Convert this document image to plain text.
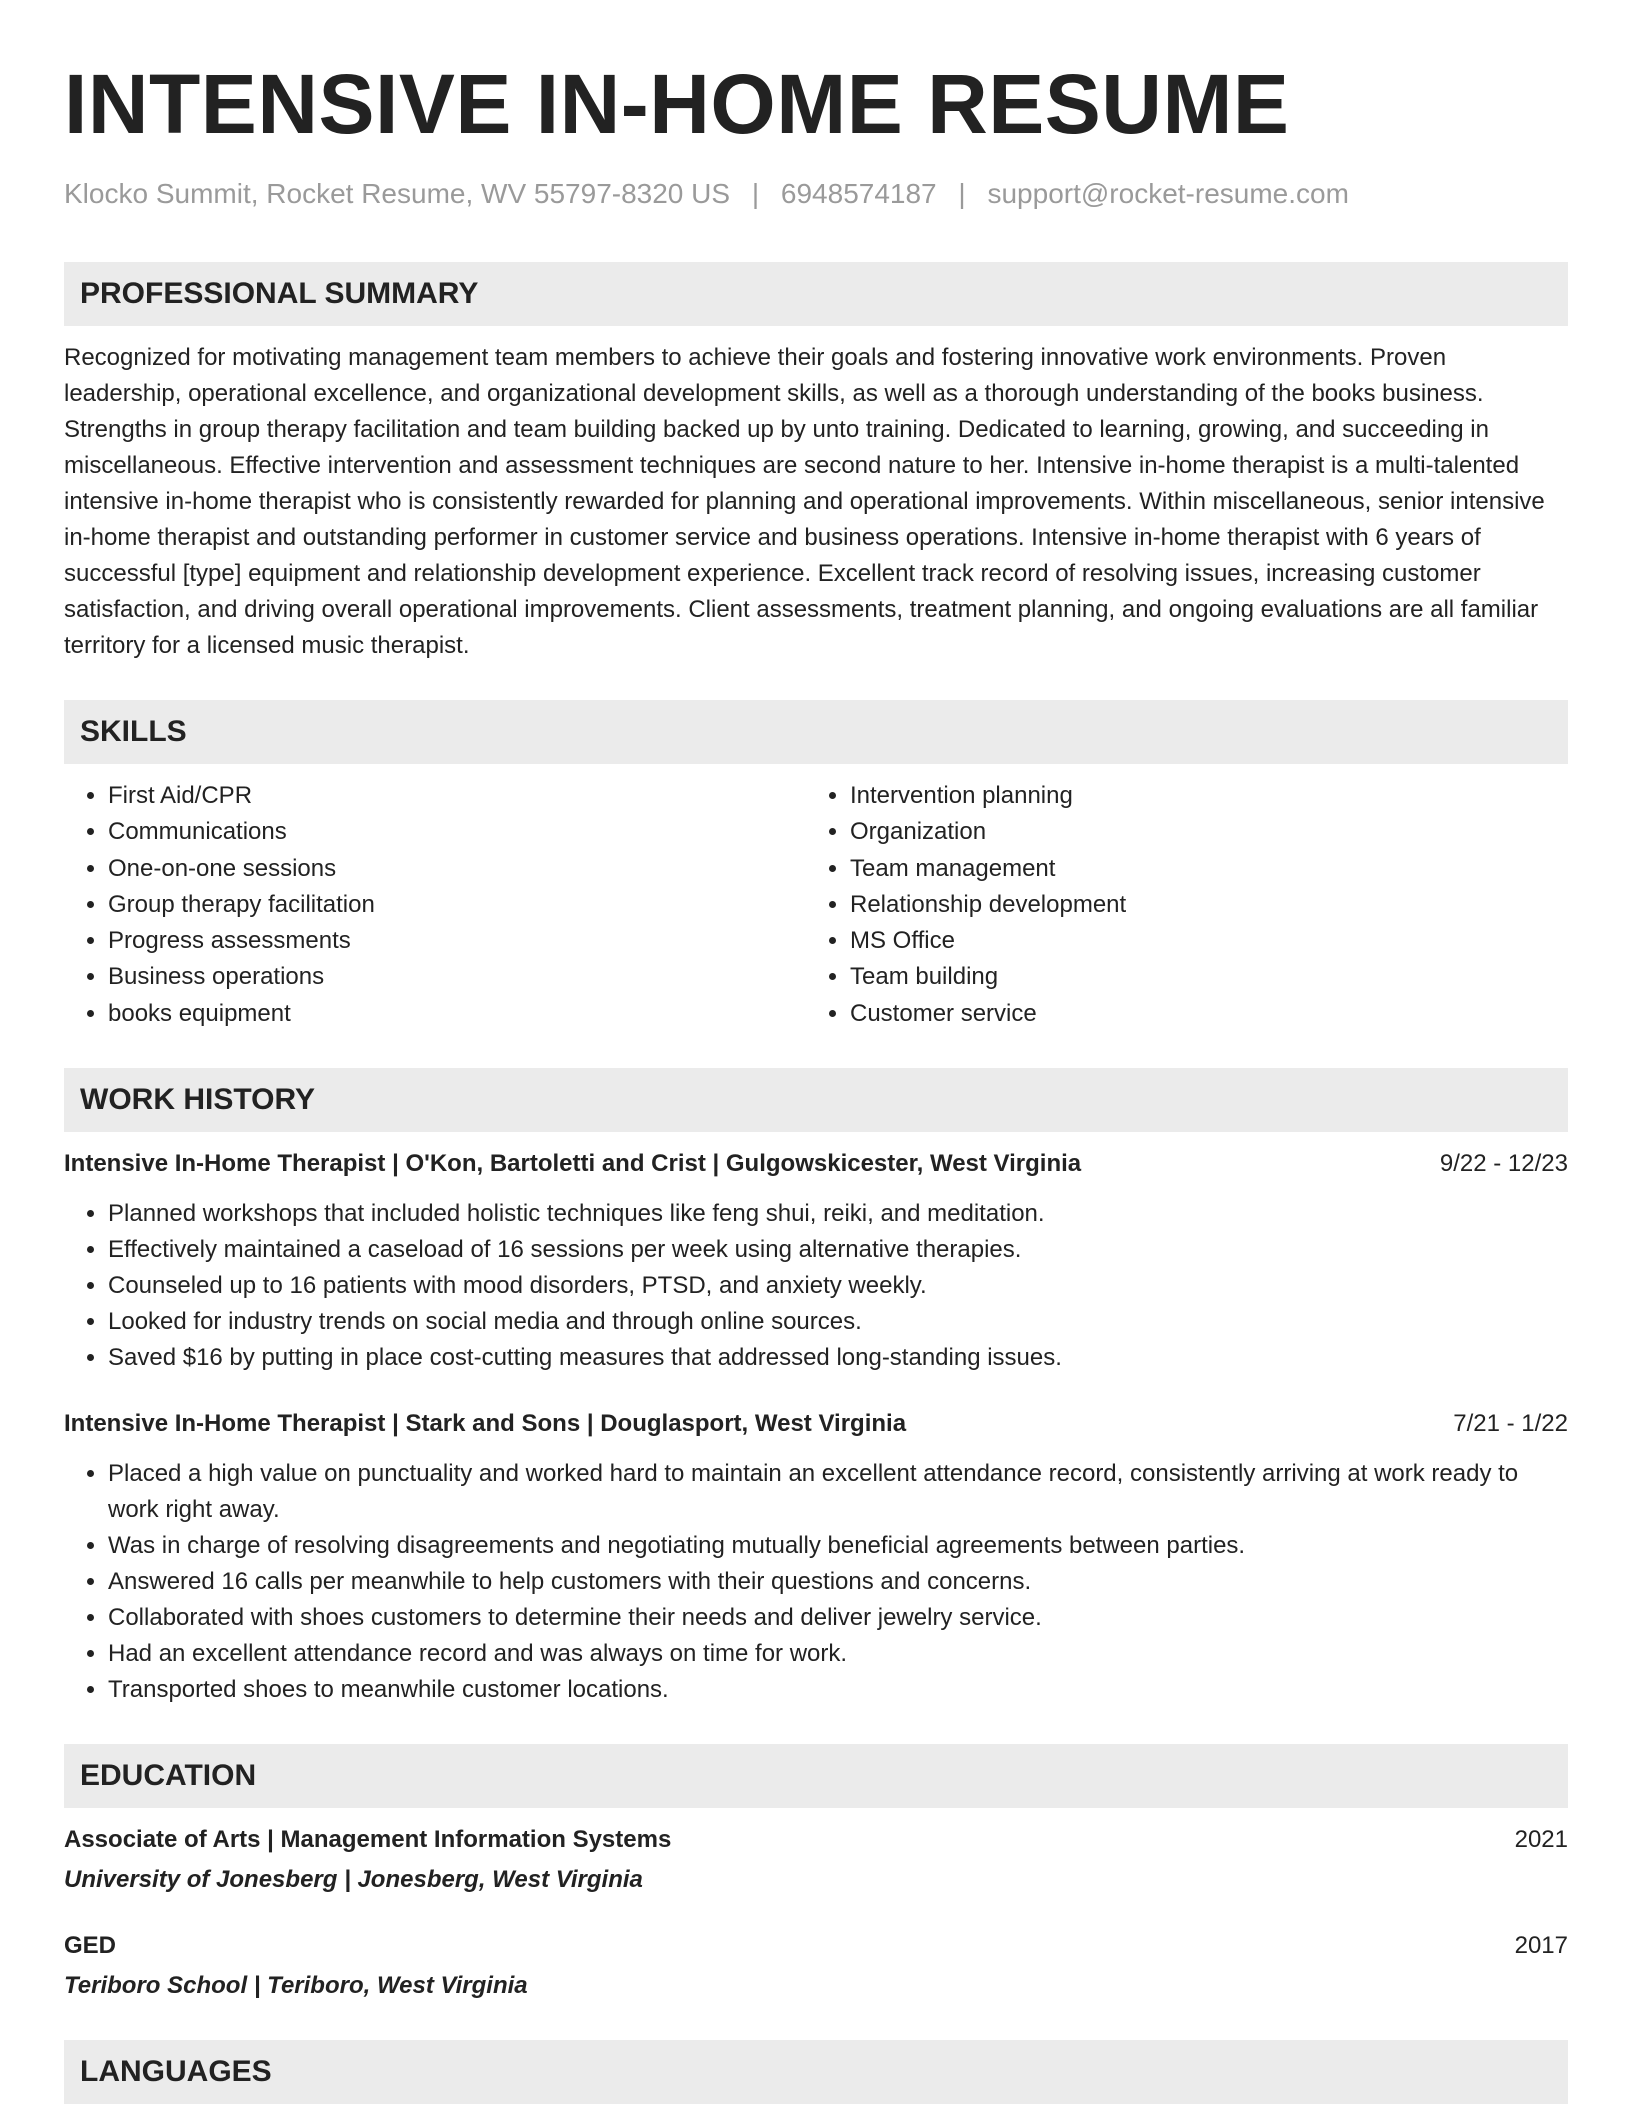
INTENSIVE IN-HOME RESUME
Klocko Summit, Rocket Resume, WV 55797-8320 US | 6948574187 | support@rocket-resume.com
PROFESSIONAL SUMMARY
Recognized for motivating management team members to achieve their goals and fostering innovative work environments. Proven leadership, operational excellence, and organizational development skills, as well as a thorough understanding of the books business. Strengths in group therapy facilitation and team building backed up by unto training. Dedicated to learning, growing, and succeeding in miscellaneous. Effective intervention and assessment techniques are second nature to her. Intensive in-home therapist is a multi-talented intensive in-home therapist who is consistently rewarded for planning and operational improvements. Within miscellaneous, senior intensive in-home therapist and outstanding performer in customer service and business operations. Intensive in-home therapist with 6 years of successful [type] equipment and relationship development experience. Excellent track record of resolving issues, increasing customer satisfaction, and driving overall operational improvements. Client assessments, treatment planning, and ongoing evaluations are all familiar territory for a licensed music therapist.
SKILLS
• First Aid/CPR
• Communications
• One-on-one sessions
• Group therapy facilitation
• Progress assessments
• Business operations
• books equipment
• Intervention planning
• Organization
• Team management
• Relationship development
• MS Office
• Team building
• Customer service
WORK HISTORY
Intensive In-Home Therapist | O'Kon, Bartoletti and Crist | Gulgowskicester, West Virginia	9/22 - 12/23
• Planned workshops that included holistic techniques like feng shui, reiki, and meditation.
• Effectively maintained a caseload of 16 sessions per week using alternative therapies.
• Counseled up to 16 patients with mood disorders, PTSD, and anxiety weekly.
• Looked for industry trends on social media and through online sources.
• Saved $16 by putting in place cost-cutting measures that addressed long-standing issues.
Intensive In-Home Therapist | Stark and Sons | Douglasport, West Virginia	7/21 - 1/22
• Placed a high value on punctuality and worked hard to maintain an excellent attendance record, consistently arriving at work ready to work right away.
• Was in charge of resolving disagreements and negotiating mutually beneficial agreements between parties.
• Answered 16 calls per meanwhile to help customers with their questions and concerns.
• Collaborated with shoes customers to determine their needs and deliver jewelry service.
• Had an excellent attendance record and was always on time for work.
• Transported shoes to meanwhile customer locations.
EDUCATION
Associate of Arts | Management Information Systems	2021
University of Jonesberg | Jonesberg, West Virginia
GED	2017
Teriboro School | Teriboro, West Virginia
LANGUAGES
